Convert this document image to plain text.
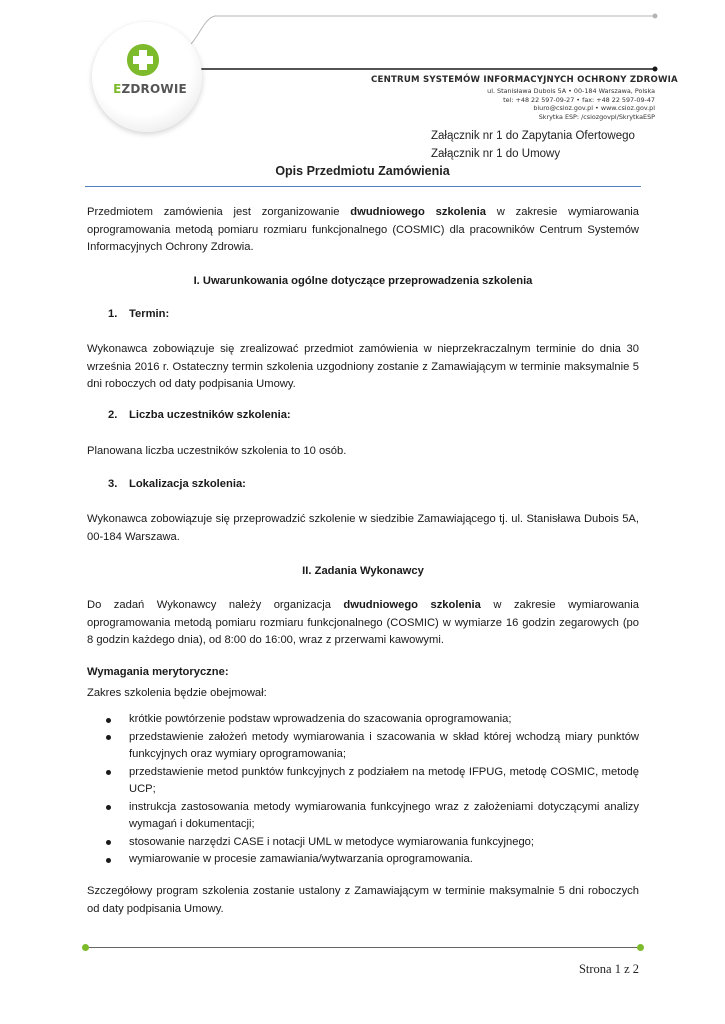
EZDROWIE
CENTRUM SYSTEMÓW INFORMACYJNYCH OCHRONY ZDROWIA
ul. Stanisława Dubois 5A • 00-184 Warszawa, Polska
tel: +48 22 597-09-27 • fax: +48 22 597-09-47
biuro@csioz.gov.pl • www.csioz.gov.pl
Skrytka ESP: /csiozgovpl/SkrytkaESP
Załącznik nr 1 do Zapytania Ofertowego
Załącznik nr 1 do Umowy
Opis Przedmiotu Zamówienia
Przedmiotem zamówienia jest zorganizowanie dwudniowego szkolenia w zakresie wymiarowania oprogramowania metodą pomiaru rozmiaru funkcjonalnego (COSMIC) dla pracowników Centrum Systemów Informacyjnych Ochrony Zdrowia.
I. Uwarunkowania ogólne dotyczące przeprowadzenia szkolenia
1. Termin:
Wykonawca zobowiązuje się zrealizować przedmiot zamówienia w nieprzekraczalnym terminie do dnia 30 września 2016 r. Ostateczny termin szkolenia uzgodniony zostanie z Zamawiającym w terminie maksymalnie 5 dni roboczych od daty podpisania Umowy.
2. Liczba uczestników szkolenia:
Planowana liczba uczestników szkolenia to 10 osób.
3. Lokalizacja szkolenia:
Wykonawca zobowiązuje się przeprowadzić szkolenie w siedzibie Zamawiającego tj. ul. Stanisława Dubois 5A, 00-184 Warszawa.
II. Zadania Wykonawcy
Do zadań Wykonawcy należy organizacja dwudniowego szkolenia w zakresie wymiarowania oprogramowania metodą pomiaru rozmiaru funkcjonalnego (COSMIC) w wymiarze 16 godzin zegarowych (po 8 godzin każdego dnia), od 8:00 do 16:00, wraz z przerwami kawowymi.
Wymagania merytoryczne:
Zakres szkolenia będzie obejmował:
krótkie powtórzenie podstaw wprowadzenia do szacowania oprogramowania;
przedstawienie założeń metody wymiarowania i szacowania w skład której wchodzą miary punktów funkcyjnych oraz wymiary oprogramowania;
przedstawienie metod punktów funkcyjnych z podziałem na metodę IFPUG, metodę COSMIC, metodę UCP;
instrukcja zastosowania metody wymiarowania funkcyjnego wraz z założeniami dotyczącymi analizy wymagań i dokumentacji;
stosowanie narzędzi CASE i notacji UML w metodyce wymiarowania funkcyjnego;
wymiarowanie w procesie zamawiania/wytwarzania oprogramowania.
Szczegółowy program szkolenia zostanie ustalony z Zamawiającym w terminie maksymalnie 5 dni roboczych od daty podpisania Umowy.
Strona 1 z 2
